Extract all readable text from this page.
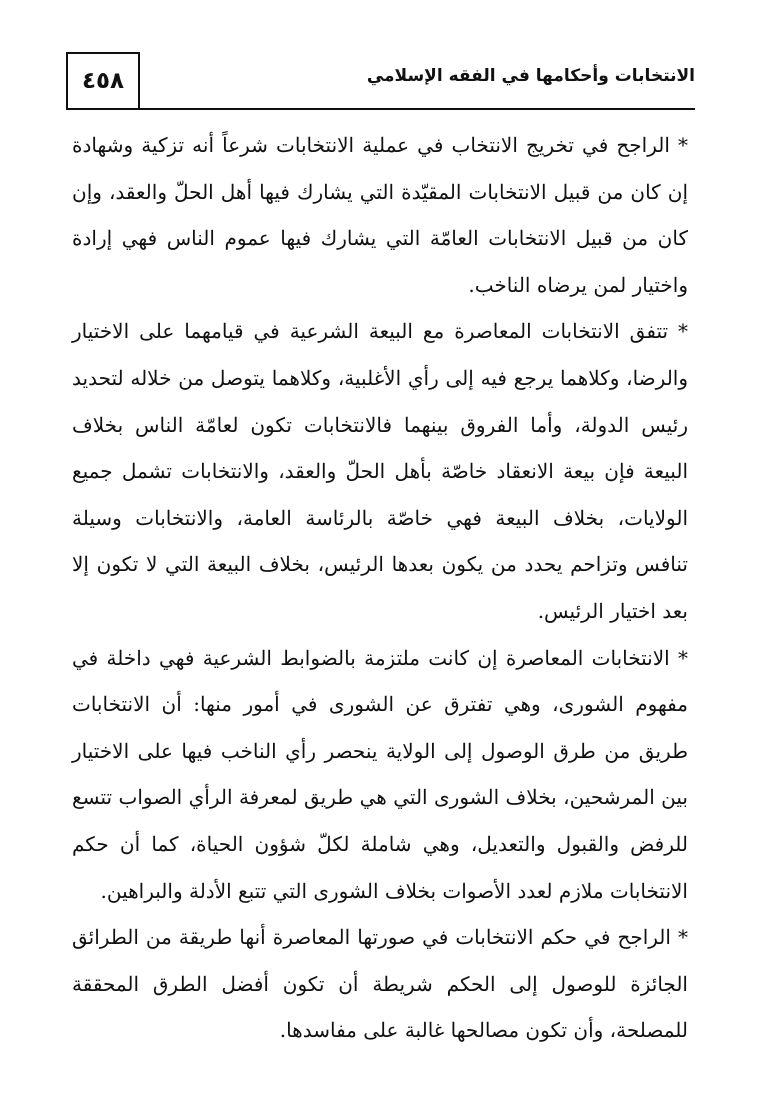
٤٥٨	الانتخابات وأحكامها في الفقه الإسلامي

* الراجح في تخريج الانتخاب في عملية الانتخابات شرعاً أنه تزكية وشهادة إن كان من قبيل الانتخابات المقيّدة التي يشارك فيها أهل الحلّ والعقد، وإن كان من قبيل الانتخابات العامّة التي يشارك فيها عموم الناس فهي إرادة واختيار لمن يرضاه الناخب.

* تتفق الانتخابات المعاصرة مع البيعة الشرعية في قيامهما على الاختيار والرضا، وكلاهما يرجع فيه إلى رأي الأغلبية، وكلاهما يتوصل من خلاله لتحديد رئيس الدولة، وأما الفروق بينهما فالانتخابات تكون لعامّة الناس بخلاف البيعة فإن بيعة الانعقاد خاصّة بأهل الحلّ والعقد، والانتخابات تشمل جميع الولايات، بخلاف البيعة فهي خاصّة بالرئاسة العامة، والانتخابات وسيلة تنافس وتزاحم يحدد من يكون بعدها الرئيس، بخلاف البيعة التي لا تكون إلا بعد اختيار الرئيس.

* الانتخابات المعاصرة إن كانت ملتزمة بالضوابط الشرعية فهي داخلة في مفهوم الشورى، وهي تفترق عن الشورى في أمور منها: أن الانتخابات طريق من طرق الوصول إلى الولاية ينحصر رأي الناخب فيها على الاختيار بين المرشحين، بخلاف الشورى التي هي طريق لمعرفة الرأي الصواب تتسع للرفض والقبول والتعديل، وهي شاملة لكلّ شؤون الحياة، كما أن حكم الانتخابات ملازم لعدد الأصوات بخلاف الشورى التي تتبع الأدلة والبراهين.

* الراجح في حكم الانتخابات في صورتها المعاصرة أنها طريقة من الطرائق الجائزة للوصول إلى الحكم شريطة أن تكون أفضل الطرق المحققة للمصلحة، وأن تكون مصالحها غالبة على مفاسدها.
